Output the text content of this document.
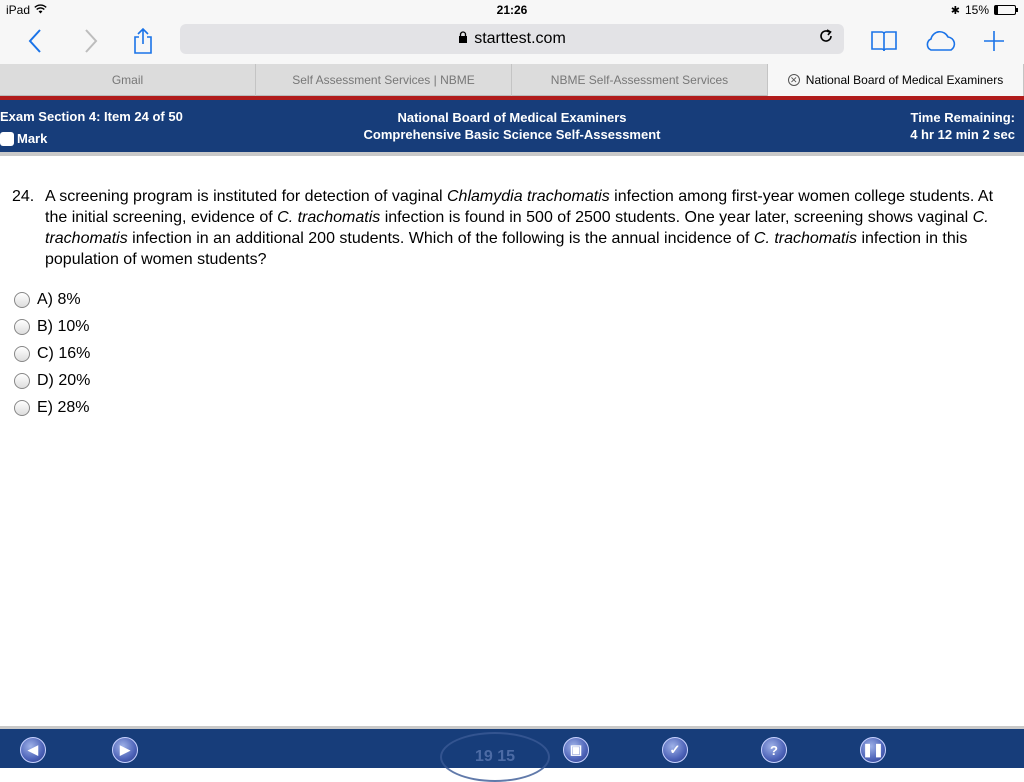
iPad	21:26	✱ 15%
starttest.com
Gmail	Self Assessment Services | NBME	NBME Self-Assessment Services	✕ National Board of Medical Examiners
Exam Section 4: Item 24 of 50
Mark
National Board of Medical Examiners
Comprehensive Basic Science Self-Assessment
Time Remaining:
4 hr 12 min 2 sec
24. A screening program is instituted for detection of vaginal Chlamydia trachomatis infection among first-year women college students. At the initial screening, evidence of C. trachomatis infection is found in 500 of 2500 students. One year later, screening shows vaginal C. trachomatis infection in an additional 200 students. Which of the following is the annual incidence of C. trachomatis infection in this population of women students?
A) 8%
B) 10%
C) 16%
D) 20%
E) 28%
◀	▶	19 15	▣	✓	?	❚❚
